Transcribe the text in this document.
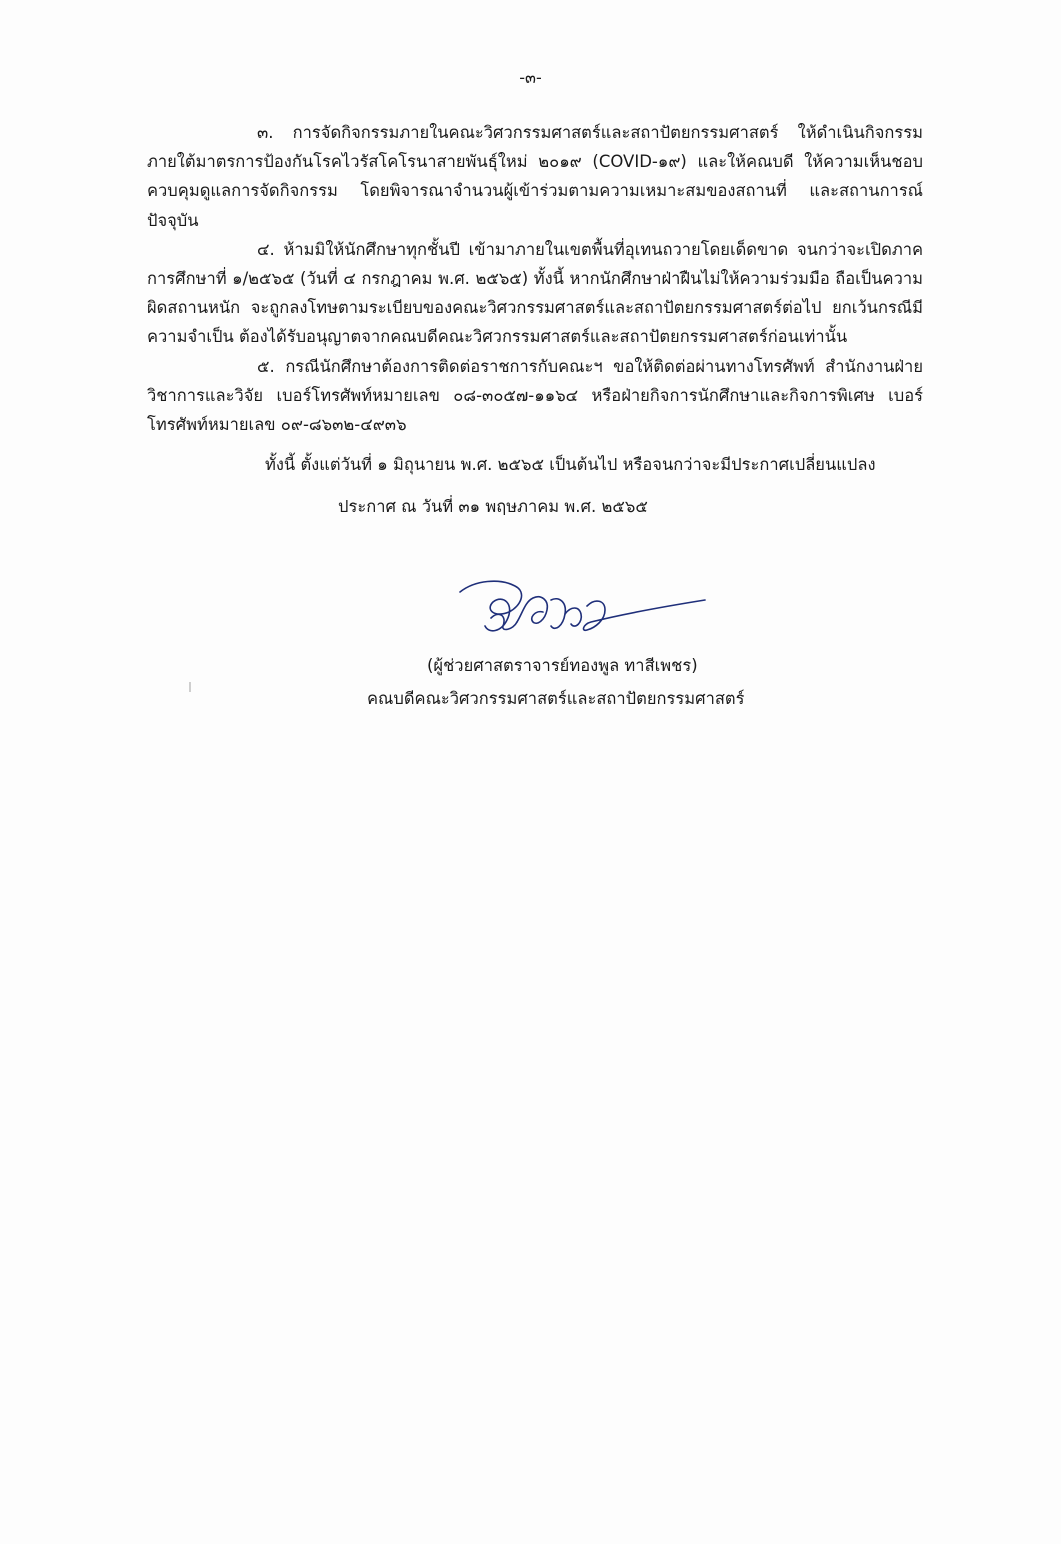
-๓-

๓. การจัดกิจกรรมภายในคณะวิศวกรรมศาสตร์และสถาปัตยกรรมศาสตร์ ให้ดำเนินกิจกรรมภายใต้มาตรการป้องกันโรคไวรัสโคโรนาสายพันธุ์ใหม่ ๒๐๑๙ (COVID-๑๙) และให้คณบดี ให้ความเห็นชอบ ควบคุมดูแลการจัดกิจกรรม โดยพิจารณาจำนวนผู้เข้าร่วมตามความเหมาะสมของสถานที่ และสถานการณ์ปัจจุบัน

๔. ห้ามมิให้นักศึกษาทุกชั้นปี เข้ามาภายในเขตพื้นที่อุเทนถวายโดยเด็ดขาด จนกว่าจะเปิดภาคการศึกษาที่ ๑/๒๕๖๕ (วันที่ ๔ กรกฎาคม พ.ศ. ๒๕๖๕) ทั้งนี้ หากนักศึกษาฝ่าฝืนไม่ให้ความร่วมมือ ถือเป็นความผิดสถานหนัก จะถูกลงโทษตามระเบียบของคณะวิศวกรรมศาสตร์และสถาปัตยกรรมศาสตร์ต่อไป ยกเว้นกรณีมีความจำเป็น ต้องได้รับอนุญาตจากคณบดีคณะวิศวกรรมศาสตร์และสถาปัตยกรรมศาสตร์ก่อนเท่านั้น

๕. กรณีนักศึกษาต้องการติดต่อราชการกับคณะฯ ขอให้ติดต่อผ่านทางโทรศัพท์ สำนักงานฝ่ายวิชาการและวิจัย เบอร์โทรศัพท์หมายเลข ๐๘-๓๐๕๗-๑๑๖๔ หรือฝ่ายกิจการนักศึกษาและกิจการพิเศษ เบอร์โทรศัพท์หมายเลข ๐๙-๘๖๓๒-๔๙๓๖

ทั้งนี้ ตั้งแต่วันที่ ๑ มิถุนายน พ.ศ. ๒๕๖๕ เป็นต้นไป หรือจนกว่าจะมีประกาศเปลี่ยนแปลง
ประกาศ ณ วันที่ ๓๑ พฤษภาคม พ.ศ. ๒๕๖๕
(ผู้ช่วยศาสตราจารย์ทองพูล ทาสีเพชร)
คณบดีคณะวิศวกรรมศาสตร์และสถาปัตยกรรมศาสตร์
